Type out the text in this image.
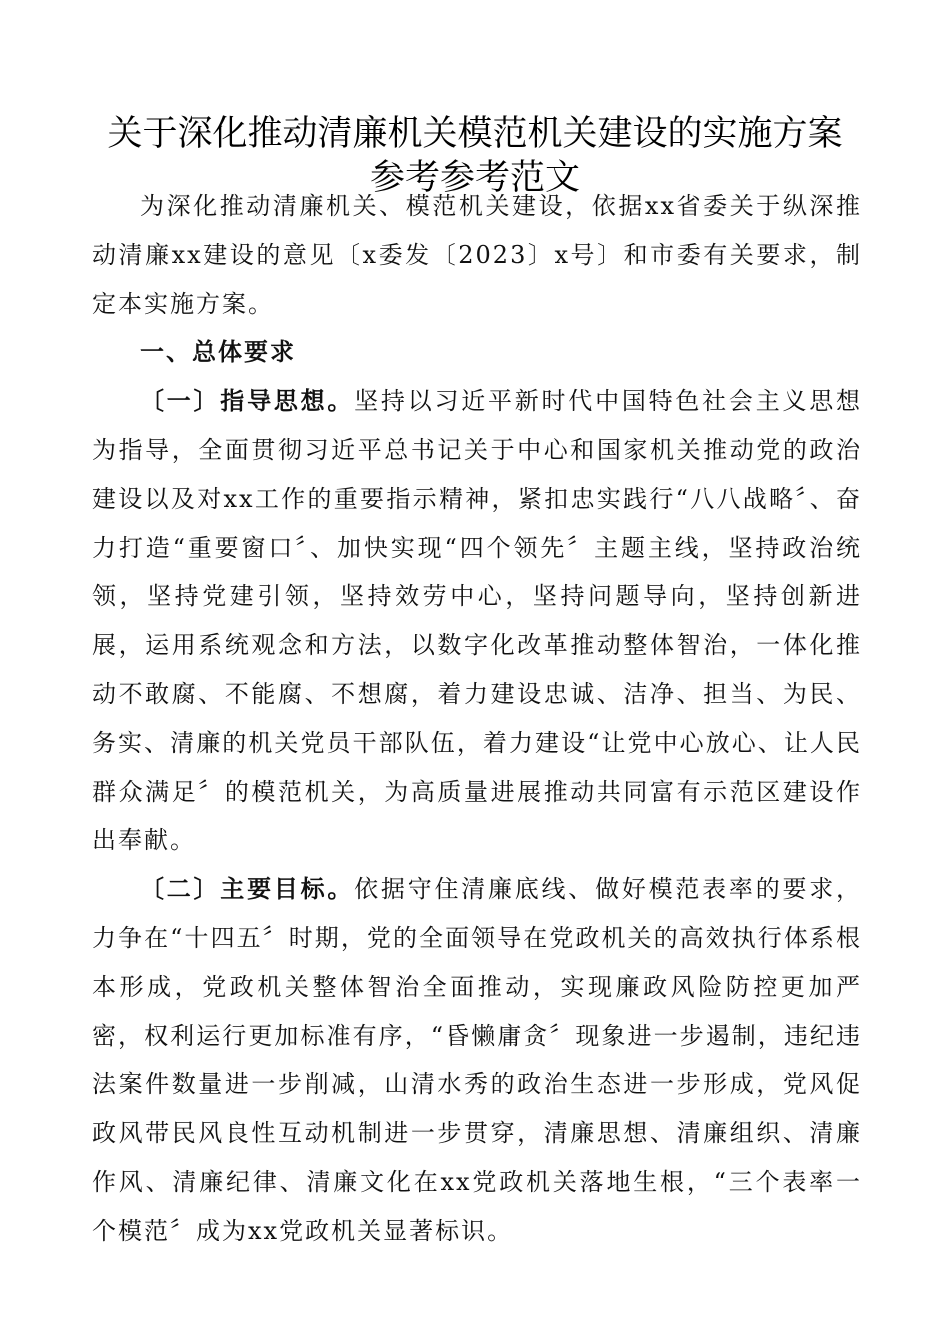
关于深化推动清廉机关模范机关建设的实施方案
参考参考范文

为深化推动清廉机关、模范机关建设，依据xx省委关于纵深推动清廉xx建设的意见〔x委发〔2023〕x号〕和市委有关要求，制定本实施方案。

一、总体要求

〔一〕指导思想。坚持以习近平新时代中国特色社会主义思想为指导，全面贯彻习近平总书记关于中心和国家机关推动党的政治建设以及对xx工作的重要指示精神，紧扣忠实践行“八八战略〞、奋力打造“重要窗口〞、加快实现“四个领先〞主题主线，坚持政治统领，坚持党建引领，坚持效劳中心，坚持问题导向，坚持创新进展，运用系统观念和方法，以数字化改革推动整体智治，一体化推动不敢腐、不能腐、不想腐，着力建设忠诚、洁净、担当、为民、务实、清廉的机关党员干部队伍，着力建设“让党中心放心、让人民群众满足〞的模范机关，为高质量进展推动共同富有示范区建设作出奉献。

〔二〕主要目标。依据守住清廉底线、做好模范表率的要求，力争在“十四五〞时期，党的全面领导在党政机关的高效执行体系根本形成，党政机关整体智治全面推动，实现廉政风险防控更加严密，权利运行更加标准有序，“昏懒庸贪〞现象进一步遏制，违纪违法案件数量进一步削减，山清水秀的政治生态进一步形成，党风促政风带民风良性互动机制进一步贯穿，清廉思想、清廉组织、清廉作风、清廉纪律、清廉文化在xx党政机关落地生根，“三个表率一个模范〞成为xx党政机关显著标识。
